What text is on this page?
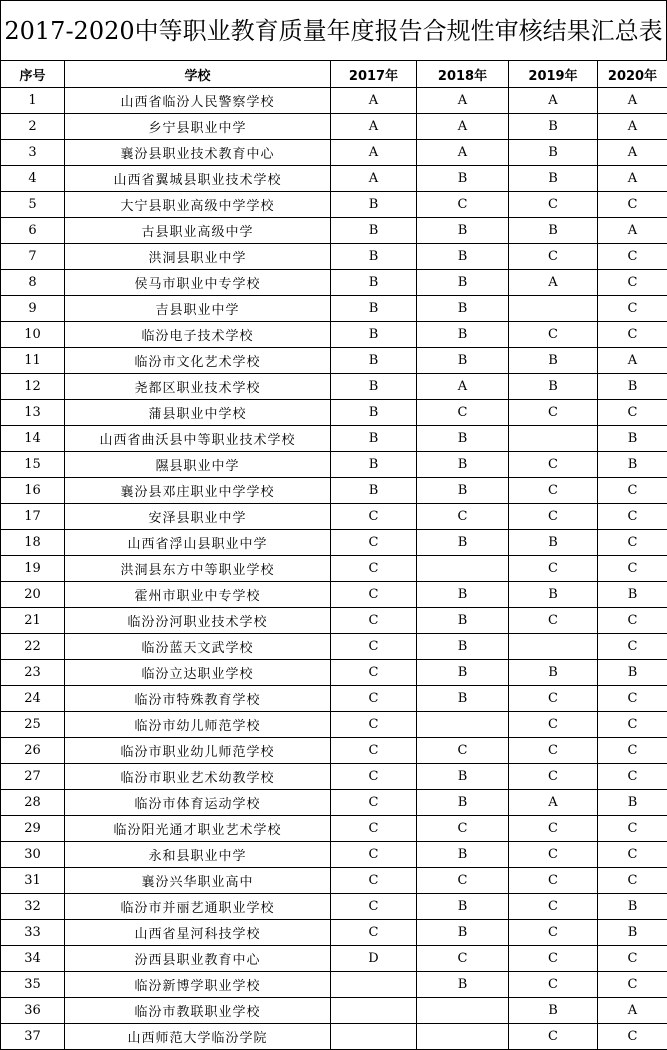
2017-2020中等职业教育质量年度报告合规性审核结果汇总表
序号	学校	2017年	2018年	2019年	2020年
1	山西省临汾人民警察学校	A	A	A	A
2	乡宁县职业中学	A	A	B	A
3	襄汾县职业技术教育中心	A	A	B	A
4	山西省翼城县职业技术学校	A	B	B	A
5	大宁县职业高级中学学校	B	C	C	C
6	古县职业高级中学	B	B	B	A
7	洪洞县职业中学	B	B	C	C
8	侯马市职业中专学校	B	B	A	C
9	吉县职业中学	B	B		C
10	临汾电子技术学校	B	B	C	C
11	临汾市文化艺术学校	B	B	B	A
12	尧都区职业技术学校	B	A	B	B
13	蒲县职业中学校	B	C	C	C
14	山西省曲沃县中等职业技术学校	B	B		B
15	隰县职业中学	B	B	C	B
16	襄汾县邓庄职业中学学校	B	B	C	C
17	安泽县职业中学	C	C	C	C
18	山西省浮山县职业中学	C	B	B	C
19	洪洞县东方中等职业学校	C		C	C
20	霍州市职业中专学校	C	B	B	B
21	临汾汾河职业技术学校	C	B	C	C
22	临汾蓝天文武学校	C	B		C
23	临汾立达职业学校	C	B	B	B
24	临汾市特殊教育学校	C	B	C	C
25	临汾市幼儿师范学校	C		C	C
26	临汾市职业幼儿师范学校	C	C	C	C
27	临汾市职业艺术幼教学校	C	B	C	C
28	临汾市体育运动学校	C	B	A	B
29	临汾阳光通才职业艺术学校	C	C	C	C
30	永和县职业中学	C	B	C	C
31	襄汾兴华职业高中	C	C	C	C
32	临汾市并丽艺通职业学校	C	B	C	B
33	山西省星河科技学校	C	B	C	B
34	汾西县职业教育中心	D	C	C	C
35	临汾新博学职业学校		B	C	C
36	临汾市教联职业学校			B	A
37	山西师范大学临汾学院			C	C
